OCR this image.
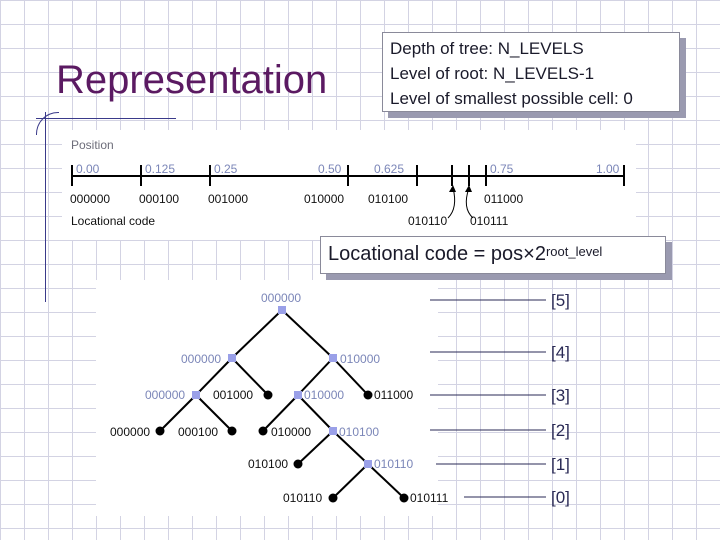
Representation
Depth of tree: N_LEVELS
Level of root: N_LEVELS-1
Level of smallest possible cell: 0
Position
0.00	0.125	0.25	0.50	0.625	0.75	1.00
000000 000100 001000	010000 010100	011000
010110 010111
Locational code
000000
000000	010000
000000 001000	010000 011000
000000 000100	010000 010100
010100	010110
010110	010111
[5]
[4]
[3]
[2]
[1]
[0]
Locational code = $pos\times 2^{root\_level}$
